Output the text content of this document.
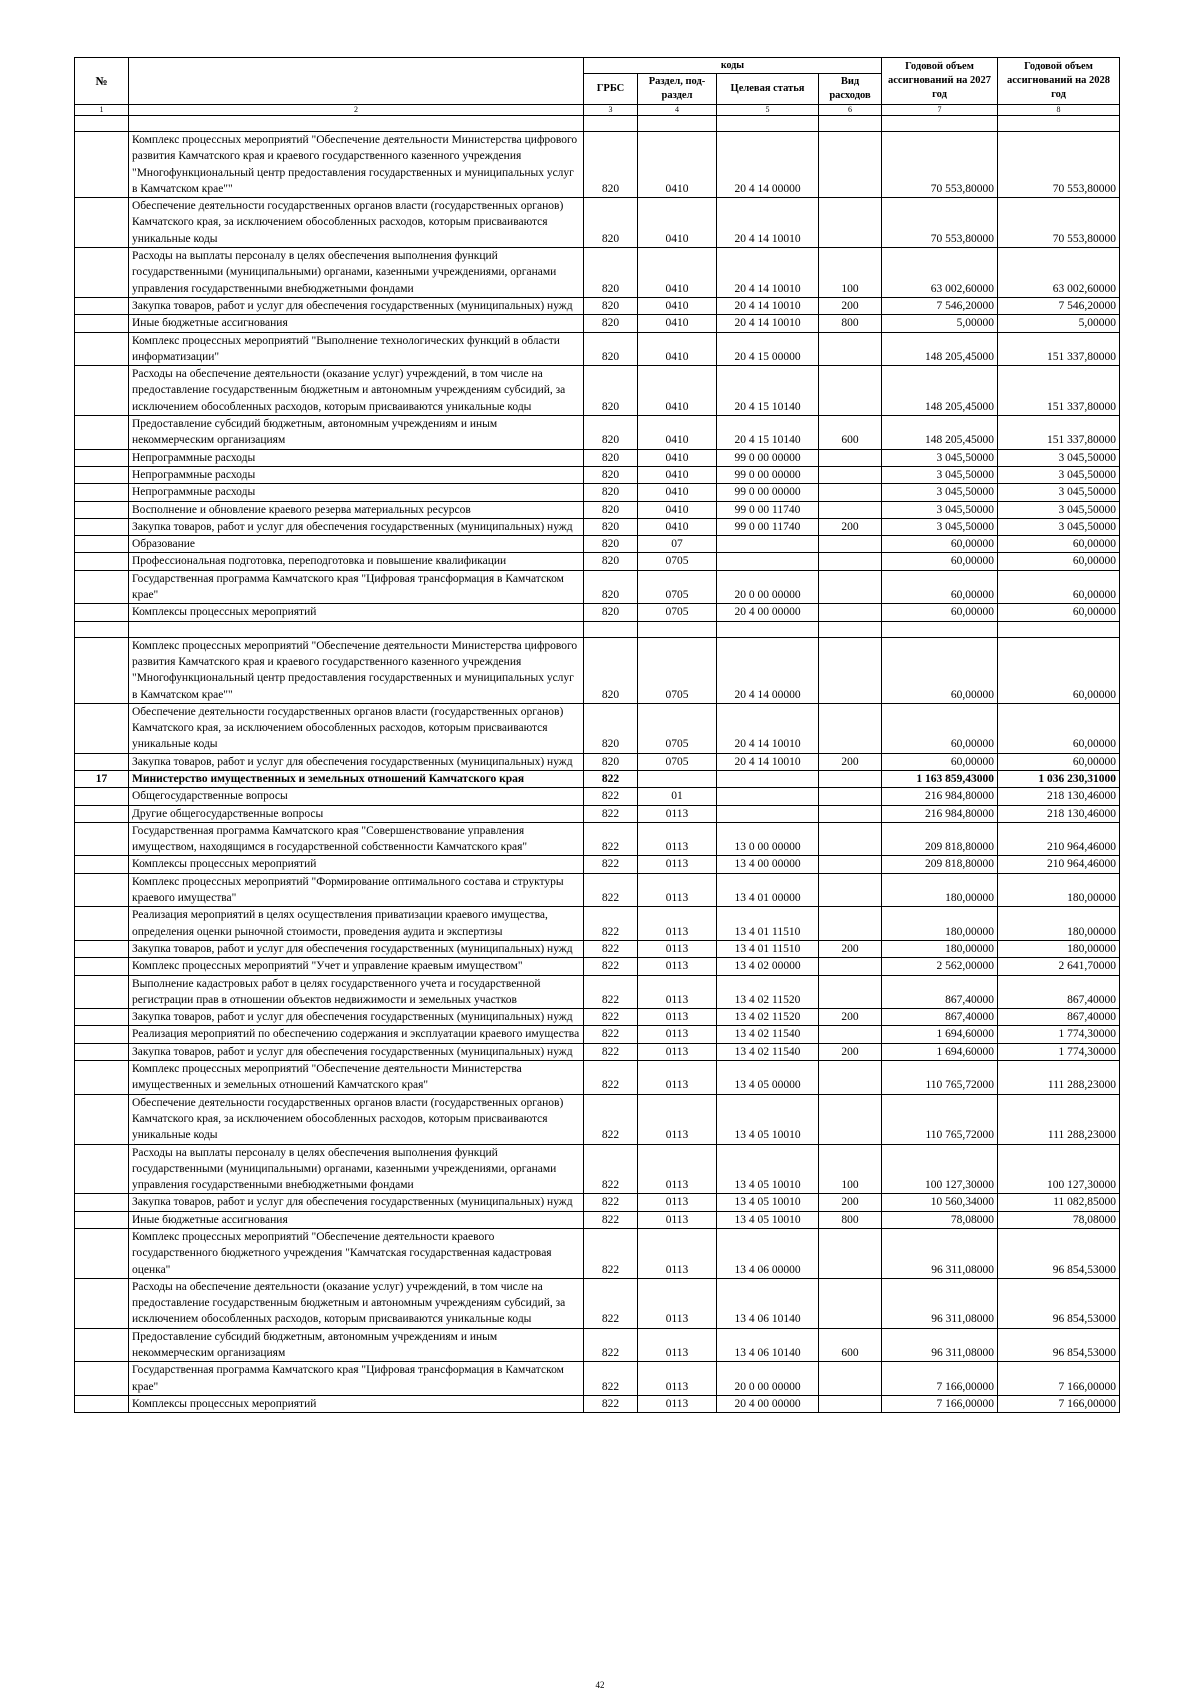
№		коды				Годовой объем ассигнований на 2027 год	Годовой объем ассигнований на 2028 год
		ГРБС	Раздел, под-раздел	Целевая статья	Вид расходов		
1	2	3	4	5	6	7	8

	Комплекс процессных мероприятий "Обеспечение деятельности Министерства цифрового развития Камчатского края и краевого государственного казенного учреждения "Многофункциональный центр предоставления государственных и муниципальных услуг в Камчатском крае""	820	0410	20 4 14 00000		70 553,80000	70 553,80000
	Обеспечение деятельности государственных органов власти (государственных органов) Камчатского края, за исключением обособленных расходов, которым присваиваются уникальные коды	820	0410	20 4 14 10010		70 553,80000	70 553,80000
	Расходы на выплаты персоналу в целях обеспечения выполнения функций государственными (муниципальными) органами, казенными учреждениями, органами управления государственными внебюджетными фондами	820	0410	20 4 14 10010	100	63 002,60000	63 002,60000
	Закупка товаров, работ и услуг для обеспечения государственных (муниципальных) нужд	820	0410	20 4 14 10010	200	7 546,20000	7 546,20000
	Иные бюджетные ассигнования	820	0410	20 4 14 10010	800	5,00000	5,00000
	Комплекс процессных мероприятий "Выполнение технологических функций в области информатизации"	820	0410	20 4 15 00000		148 205,45000	151 337,80000
	Расходы на обеспечение деятельности (оказание услуг) учреждений, в том числе на предоставление государственным бюджетным и автономным учреждениям субсидий, за исключением обособленных расходов, которым присваиваются уникальные коды	820	0410	20 4 15 10140		148 205,45000	151 337,80000
	Предоставление субсидий бюджетным, автономным учреждениям и иным некоммерческим организациям	820	0410	20 4 15 10140	600	148 205,45000	151 337,80000
	Непрограммные расходы	820	0410	99 0 00 00000		3 045,50000	3 045,50000
	Непрограммные расходы	820	0410	99 0 00 00000		3 045,50000	3 045,50000
	Непрограммные расходы	820	0410	99 0 00 00000		3 045,50000	3 045,50000
	Восполнение и обновление краевого резерва материальных ресурсов	820	0410	99 0 00 11740		3 045,50000	3 045,50000
	Закупка товаров, работ и услуг для обеспечения государственных (муниципальных) нужд	820	0410	99 0 00 11740	200	3 045,50000	3 045,50000
	Образование	820	07			60,00000	60,00000
	Профессиональная подготовка, переподготовка и повышение квалификации	820	0705			60,00000	60,00000
	Государственная программа Камчатского края "Цифровая трансформация в Камчатском крае"	820	0705	20 0 00 00000		60,00000	60,00000
	Комплексы процессных мероприятий	820	0705	20 4 00 00000		60,00000	60,00000

	Комплекс процессных мероприятий "Обеспечение деятельности Министерства цифрового развития Камчатского края и краевого государственного казенного учреждения "Многофункциональный центр предоставления государственных и муниципальных услуг в Камчатском крае""	820	0705	20 4 14 00000		60,00000	60,00000
	Обеспечение деятельности государственных органов власти (государственных органов) Камчатского края, за исключением обособленных расходов, которым присваиваются уникальные коды	820	0705	20 4 14 10010		60,00000	60,00000
	Закупка товаров, работ и услуг для обеспечения государственных (муниципальных) нужд	820	0705	20 4 14 10010	200	60,00000	60,00000
17	Министерство имущественных и земельных отношений Камчатского края	822				1 163 859,43000	1 036 230,31000
	Общегосударственные вопросы	822	01			216 984,80000	218 130,46000
	Другие общегосударственные вопросы	822	0113			216 984,80000	218 130,46000
	Государственная программа Камчатского края "Совершенствование управления имуществом, находящимся в государственной собственности Камчатского края"	822	0113	13 0 00 00000		209 818,80000	210 964,46000
	Комплексы процессных мероприятий	822	0113	13 4 00 00000		209 818,80000	210 964,46000
	Комплекс процессных мероприятий "Формирование оптимального состава и структуры краевого имущества"	822	0113	13 4 01 00000		180,00000	180,00000
	Реализация мероприятий в целях осуществления приватизации краевого имущества, определения оценки рыночной стоимости, проведения аудита и экспертизы	822	0113	13 4 01 11510		180,00000	180,00000
	Закупка товаров, работ и услуг для обеспечения государственных (муниципальных) нужд	822	0113	13 4 01 11510	200	180,00000	180,00000
	Комплекс процессных мероприятий "Учет и управление краевым имуществом"	822	0113	13 4 02 00000		2 562,00000	2 641,70000
	Выполнение кадастровых работ в целях государственного учета и государственной регистрации прав в отношении объектов недвижимости и земельных участков	822	0113	13 4 02 11520		867,40000	867,40000
	Закупка товаров, работ и услуг для обеспечения государственных (муниципальных) нужд	822	0113	13 4 02 11520	200	867,40000	867,40000
	Реализация мероприятий по обеспечению содержания и эксплуатации краевого имущества	822	0113	13 4 02 11540		1 694,60000	1 774,30000
	Закупка товаров, работ и услуг для обеспечения государственных (муниципальных) нужд	822	0113	13 4 02 11540	200	1 694,60000	1 774,30000
	Комплекс процессных мероприятий "Обеспечение деятельности Министерства имущественных и земельных отношений Камчатского края"	822	0113	13 4 05 00000		110 765,72000	111 288,23000
	Обеспечение деятельности государственных органов власти (государственных органов) Камчатского края, за исключением обособленных расходов, которым присваиваются уникальные коды	822	0113	13 4 05 10010		110 765,72000	111 288,23000
	Расходы на выплаты персоналу в целях обеспечения выполнения функций государственными (муниципальными) органами, казенными учреждениями, органами управления государственными внебюджетными фондами	822	0113	13 4 05 10010	100	100 127,30000	100 127,30000
	Закупка товаров, работ и услуг для обеспечения государственных (муниципальных) нужд	822	0113	13 4 05 10010	200	10 560,34000	11 082,85000
	Иные бюджетные ассигнования	822	0113	13 4 05 10010	800	78,08000	78,08000
	Комплекс процессных мероприятий "Обеспечение деятельности краевого государственного бюджетного учреждения "Камчатская государственная кадастровая оценка"	822	0113	13 4 06 00000		96 311,08000	96 854,53000
	Расходы на обеспечение деятельности (оказание услуг) учреждений, в том числе на предоставление государственным бюджетным и автономным учреждениям субсидий, за исключением обособленных расходов, которым присваиваются уникальные коды	822	0113	13 4 06 10140		96 311,08000	96 854,53000
	Предоставление субсидий бюджетным, автономным учреждениям и иным некоммерческим организациям	822	0113	13 4 06 10140	600	96 311,08000	96 854,53000
	Государственная программа Камчатского края "Цифровая трансформация в Камчатском крае"	822	0113	20 0 00 00000		7 166,00000	7 166,00000
	Комплексы процессных мероприятий	822	0113	20 4 00 00000		7 166,00000	7 166,00000
42
